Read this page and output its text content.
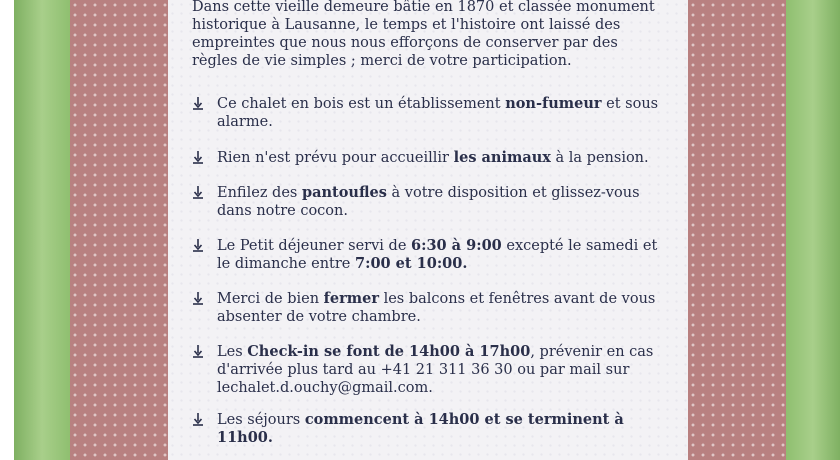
Dans cette vieille demeure bâtie en 1870 et classée monument
historique à Lausanne, le temps et l'histoire ont laissé des
empreintes que nous nous efforçons de conserver par des
règles de vie simples ; merci de votre participation.

Ce chalet en bois est un établissement non-fumeur et sous
alarme.
Rien n'est prévu pour accueillir les animaux à la pension.
Enfilez des pantoufles à votre disposition et glissez-vous
dans notre cocon.
Le Petit déjeuner servi de 6:30 à 9:00 excepté le samedi et
le dimanche entre 7:00 et 10:00.
Merci de bien fermer les balcons et fenêtres avant de vous
absenter de votre chambre.
Les Check-in se font de 14h00 à 17h00, prévenir en cas
d'arrivée plus tard au +41 21 311 36 30 ou par mail sur
lechalet.d.ouchy@gmail.com.
Les séjours commencent à 14h00 et se terminent à
11h00.
